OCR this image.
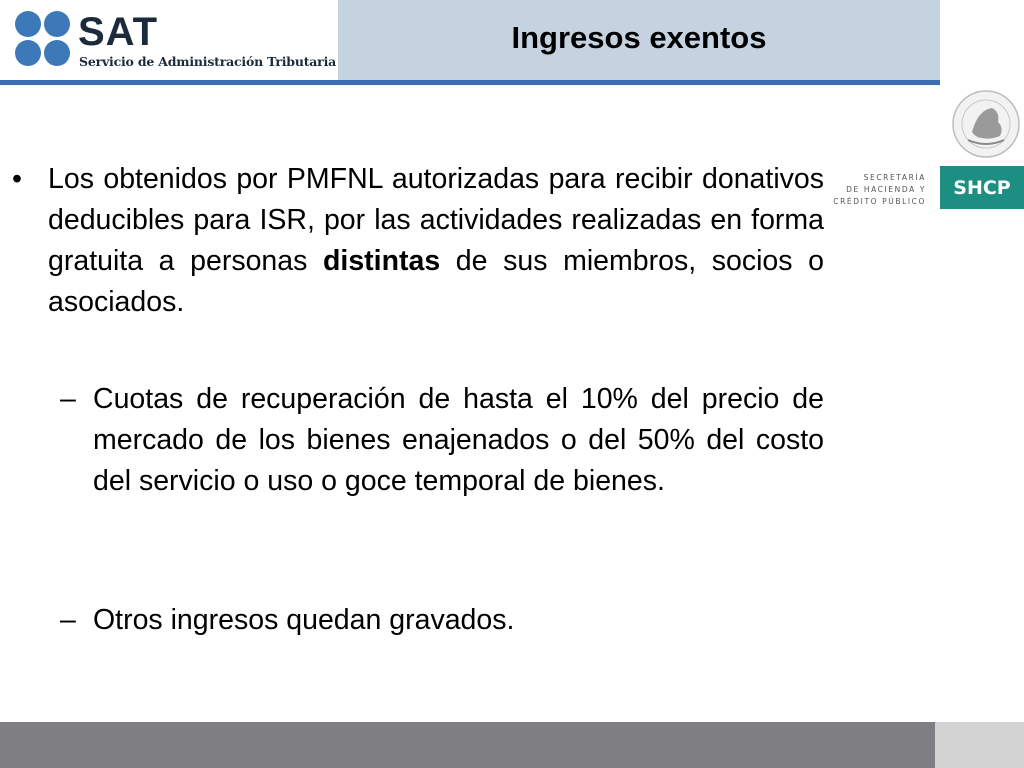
SAT
Servicio de Administración Tributaria
Ingresos exentos
SECRETARÍA
DE HACIENDA Y
CRÉDITO PÚBLICO
SHCP
• Los obtenidos por PMFNL autorizadas para recibir donativos deducibles para ISR, por las actividades realizadas en forma gratuita a personas distintas de sus miembros, socios o asociados.
– Cuotas de recuperación de hasta el 10% del precio de mercado de los bienes enajenados o del 50% del costo del servicio o uso o goce temporal de bienes.
– Otros ingresos quedan gravados.
